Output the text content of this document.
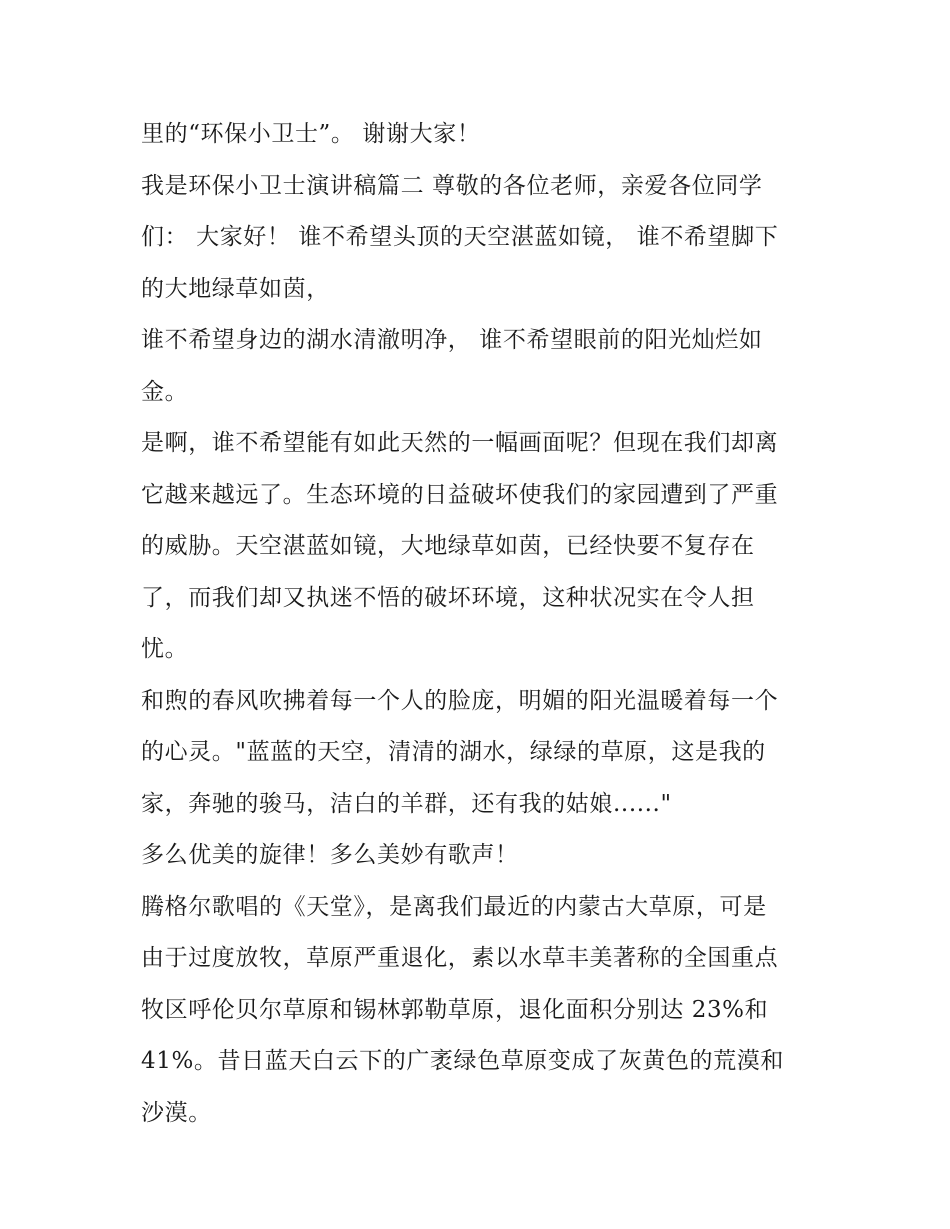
里的“环保小卫士”。 谢谢大家！
我是环保小卫士演讲稿篇二 尊敬的各位老师，亲爱各位同学
们： 大家好！ 谁不希望头顶的天空湛蓝如镜， 谁不希望脚下
的大地绿草如茵，
谁不希望身边的湖水清澈明净， 谁不希望眼前的阳光灿烂如
金。
是啊，谁不希望能有如此天然的一幅画面呢？但现在我们却离
它越来越远了。生态环境的日益破坏使我们的家园遭到了严重
的威胁。天空湛蓝如镜，大地绿草如茵，已经快要不复存在
了，而我们却又执迷不悟的破坏环境，这种状况实在令人担
忧。
和煦的春风吹拂着每一个人的脸庞，明媚的阳光温暖着每一个
的心灵。"蓝蓝的天空，清清的湖水，绿绿的草原，这是我的
家，奔驰的骏马，洁白的羊群，还有我的姑娘......"
多么优美的旋律！多么美妙有歌声！
腾格尔歌唱的《天堂》，是离我们最近的内蒙古大草原，可是
由于过度放牧，草原严重退化，素以水草丰美著称的全国重点
牧区呼伦贝尔草原和锡林郭勒草原，退化面积分别达 23%和
41%。昔日蓝天白云下的广袤绿色草原变成了灰黄色的荒漠和
沙漠。
